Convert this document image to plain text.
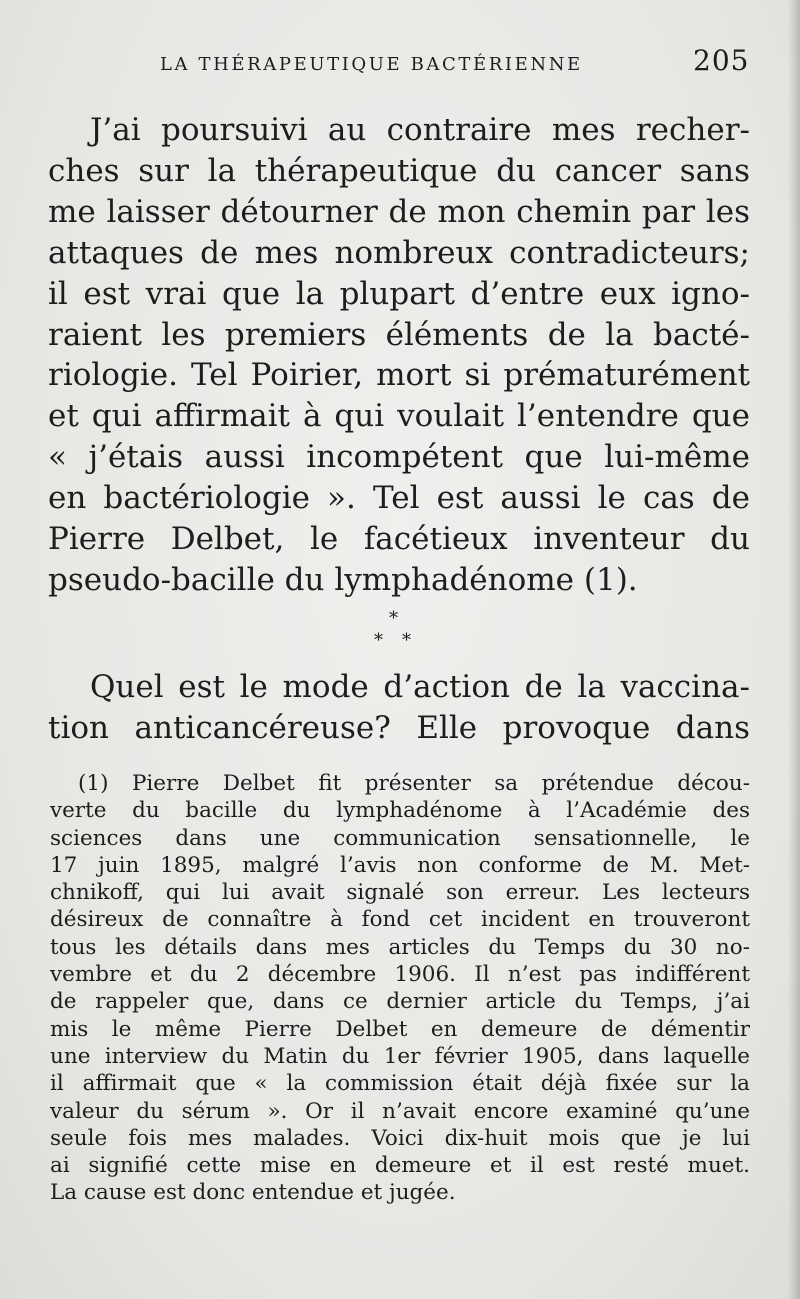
LA THÉRAPEUTIQUE BACTÉRIENNE	205
J’ai poursuivi au contraire mes recher-
ches sur la thérapeutique du cancer sans
me laisser détourner de mon chemin par les
attaques de mes nombreux contradicteurs;
il est vrai que la plupart d’entre eux igno-
raient les premiers éléments de la bacté-
riologie. Tel Poirier, mort si prématurément
et qui affirmait à qui voulait l’entendre que
« j’étais aussi incompétent que lui-même
en bactériologie ». Tel est aussi le cas de
Pierre Delbet, le facétieux inventeur du
pseudo-bacille du lymphadénome (1).
*
* *
Quel est le mode d’action de la vaccina-
tion anticancéreuse? Elle provoque dans
(1) Pierre Delbet fit présenter sa prétendue décou-
verte du bacille du lymphadénome à l’Académie des
sciences dans une communication sensationnelle, le
17 juin 1895, malgré l’avis non conforme de M. Met-
chnikoff, qui lui avait signalé son erreur. Les lecteurs
désireux de connaître à fond cet incident en trouveront
tous les détails dans mes articles du Temps du 30 no-
vembre et du 2 décembre 1906. Il n’est pas indifférent
de rappeler que, dans ce dernier article du Temps, j’ai
mis le même Pierre Delbet en demeure de démentir
une interview du Matin du 1er février 1905, dans laquelle
il affirmait que « la commission était déjà fixée sur la
valeur du sérum ». Or il n’avait encore examiné qu’une
seule fois mes malades. Voici dix-huit mois que je lui
ai signifié cette mise en demeure et il est resté muet.
La cause est donc entendue et jugée.
